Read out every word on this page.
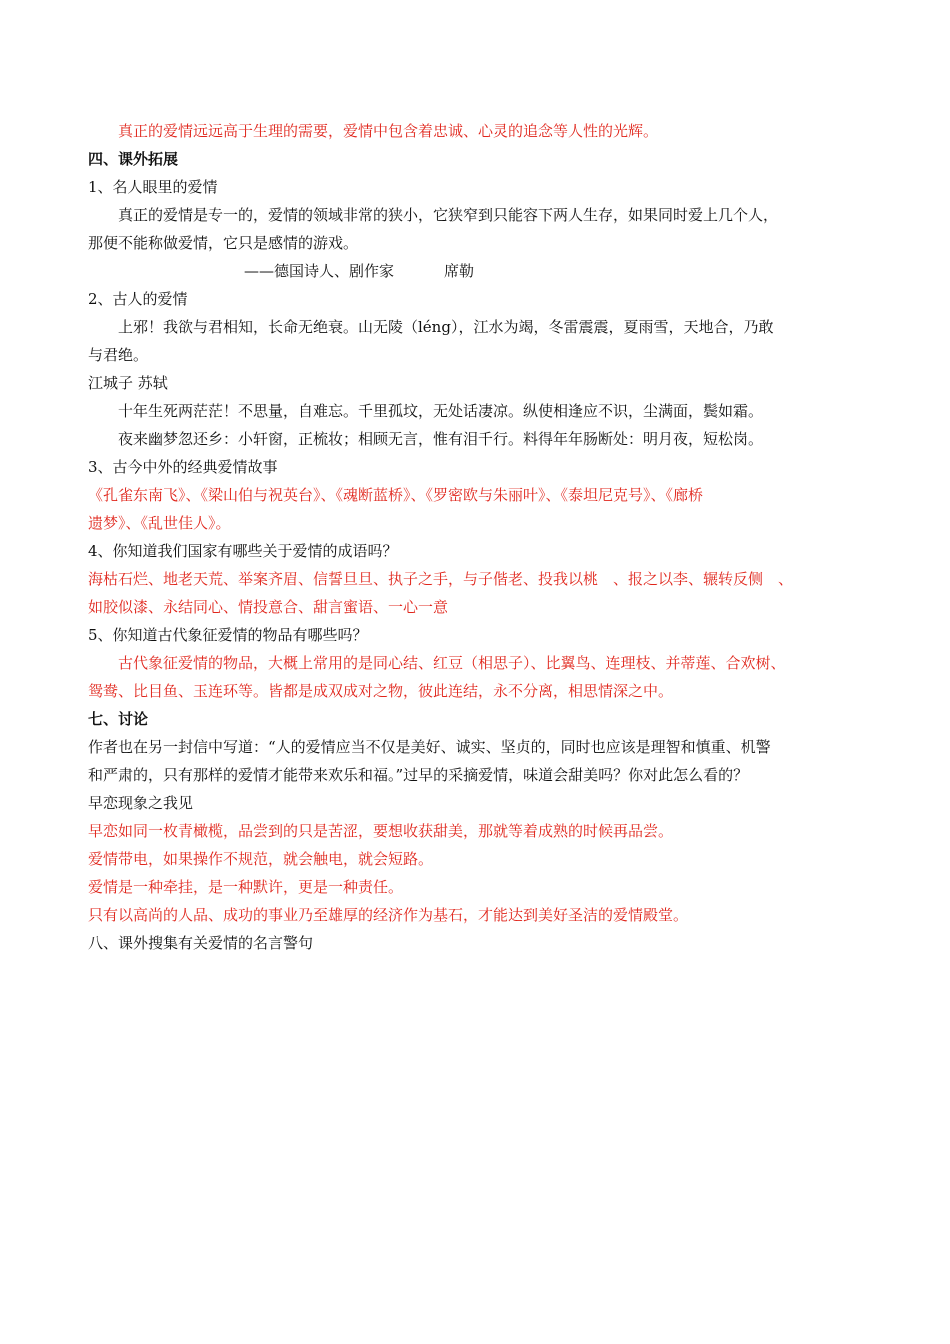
真正的爱情远远高于生理的需要，爱情中包含着忠诚、心灵的追念等人性的光辉。
四、课外拓展
1、名人眼里的爱情
真正的爱情是专一的，爱情的领域非常的狭小，它狭窄到只能容下两人生存，如果同时爱上几个人，
那便不能称做爱情，它只是感情的游戏。
——德国诗人、剧作家	席勒
2、古人的爱情
上邪！我欲与君相知，长命无绝衰。山无陵（léng），江水为竭，冬雷震震，夏雨雪，天地合，乃敢
与君绝。
江城子 苏轼
十年生死两茫茫！不思量，自难忘。千里孤坟，无处话凄凉。纵使相逢应不识，尘满面，鬓如霜。
夜来幽梦忽还乡：小轩窗，正梳妆；相顾无言，惟有泪千行。料得年年肠断处：明月夜，短松岗。
3、古今中外的经典爱情故事
《孔雀东南飞》、《梁山伯与祝英台》、《魂断蓝桥》、《罗密欧与朱丽叶》、《泰坦尼克号》、《廊桥
遗梦》、《乱世佳人》。
4、你知道我们国家有哪些关于爱情的成语吗？
海枯石烂、地老天荒、举案齐眉、信誓旦旦、执子之手，与子偕老、投我以桃　、报之以李、辗转反侧　、
如胶似漆、永结同心、情投意合、甜言蜜语、一心一意
5、你知道古代象征爱情的物品有哪些吗？
古代象征爱情的物品，大概上常用的是同心结、红豆（相思子）、比翼鸟、连理枝、并蒂莲、合欢树、
鸳鸯、比目鱼、玉连环等。皆都是成双成对之物，彼此连结，永不分离，相思情深之中。
七、讨论
作者也在另一封信中写道：“人的爱情应当不仅是美好、诚实、坚贞的，同时也应该是理智和慎重、机警
和严肃的，只有那样的爱情才能带来欢乐和福。”过早的采摘爱情，味道会甜美吗？你对此怎么看的？
早恋现象之我见
早恋如同一枚青橄榄，品尝到的只是苦涩，要想收获甜美，那就等着成熟的时候再品尝。
爱情带电，如果操作不规范，就会触电，就会短路。
爱情是一种牵挂，是一种默许，更是一种责任。
只有以高尚的人品、成功的事业乃至雄厚的经济作为基石，才能达到美好圣洁的爱情殿堂。
八、课外搜集有关爱情的名言警句
